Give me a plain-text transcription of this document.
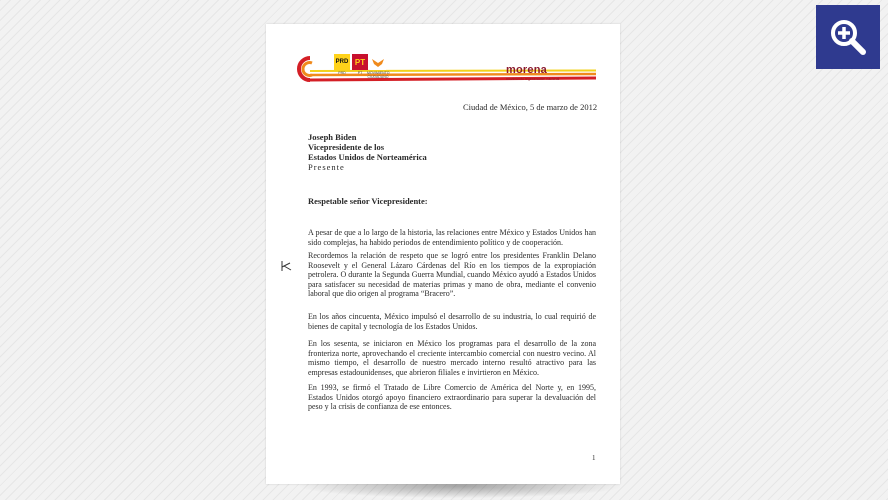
PRD PT
PRD	PT	MOVIMIENTO CIUDADANO
morena
movimiento regeneración nacional
Ciudad de México, 5 de marzo de 2012
Joseph Biden
Vicepresidente de los
Estados Unidos de Norteamérica
Presente
Respetable señor Vicepresidente:

A pesar de que a lo largo de la historia, las relaciones entre México y Estados Unidos han sido complejas, ha habido periodos de entendimiento político y de cooperación.

Recordemos la relación de respeto que se logró entre los presidentes Franklin Delano Roosevelt y el General Lázaro Cárdenas del Río en los tiempos de la expropiación petrolera. O durante la Segunda Guerra Mundial, cuando México ayudó a Estados Unidos para satisfacer su necesidad de materias primas y mano de obra, mediante el convenio laboral que dio origen al programa “Bracero”.

En los años cincuenta, México impulsó el desarrollo de su industria, lo cual requirió de bienes de capital y tecnología de los Estados Unidos.

En los sesenta, se iniciaron en México los programas para el desarrollo de la zona fronteriza norte, aprovechando el creciente intercambio comercial con nuestro vecino. Al mismo tiempo, el desarrollo de nuestro mercado interno resultó atractivo para las empresas estadounidenses, que abrieron filiales e invirtieron en México.

En 1993, se firmó el Tratado de Libre Comercio de América del Norte y, en 1995, Estados Unidos otorgó apoyo financiero extraordinario para superar la devaluación del peso y la crisis de confianza de ese entonces.

1
